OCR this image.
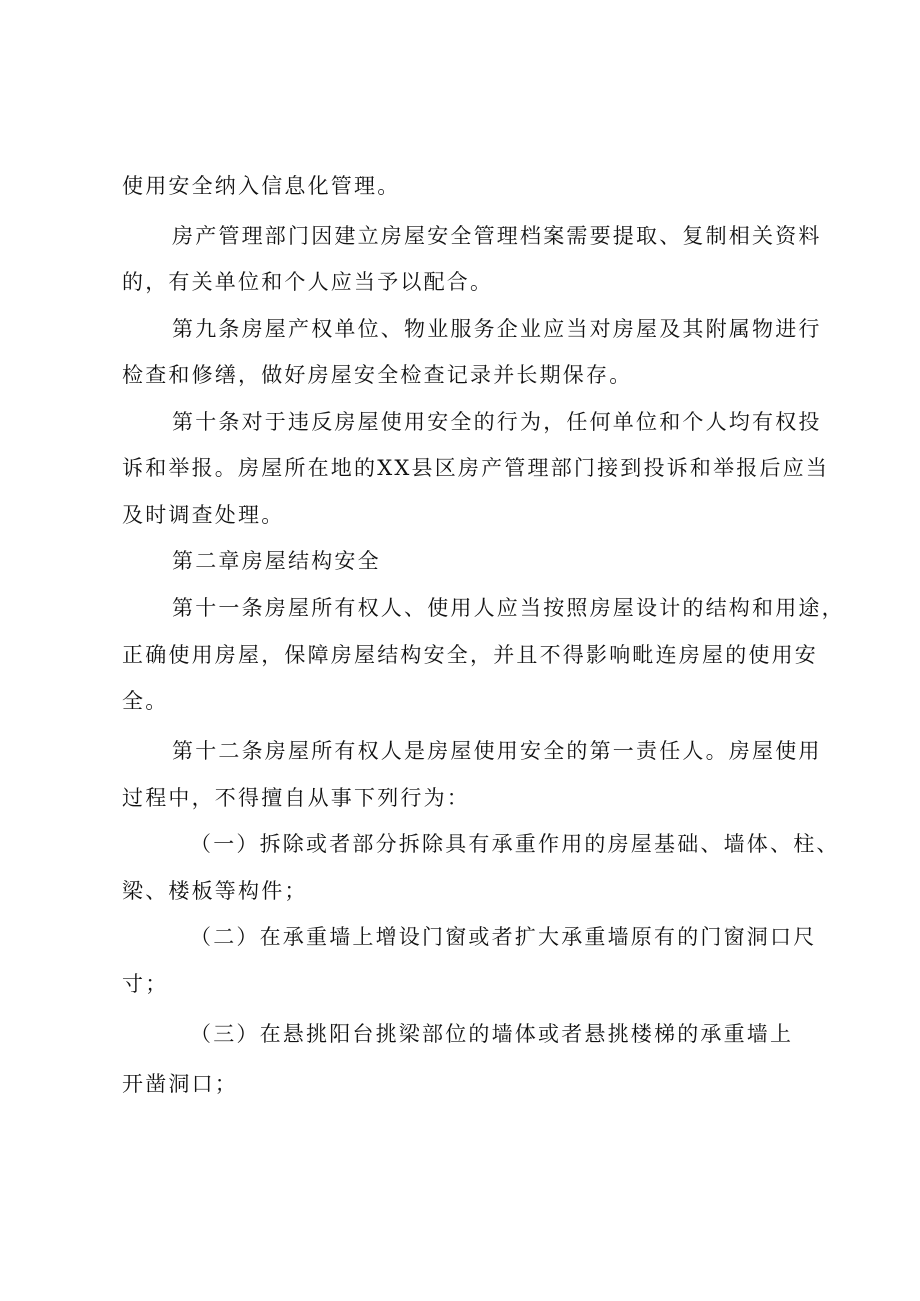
使用安全纳入信息化管理。
房产管理部门因建立房屋安全管理档案需要提取、复制相关资料
的，有关单位和个人应当予以配合。
第九条房屋产权单位、物业服务企业应当对房屋及其附属物进行
检查和修缮，做好房屋安全检查记录并长期保存。
第十条对于违反房屋使用安全的行为，任何单位和个人均有权投
诉和举报。房屋所在地的XX县区房产管理部门接到投诉和举报后应当
及时调查处理。
第二章房屋结构安全
第十一条房屋所有权人、使用人应当按照房屋设计的结构和用途，
正确使用房屋，保障房屋结构安全，并且不得影响毗连房屋的使用安
全。
第十二条房屋所有权人是房屋使用安全的第一责任人。房屋使用
过程中，不得擅自从事下列行为：
（一）拆除或者部分拆除具有承重作用的房屋基础、墙体、柱、
梁、楼板等构件；
（二）在承重墙上增设门窗或者扩大承重墙原有的门窗洞口尺
寸；
（三）在悬挑阳台挑梁部位的墙体或者悬挑楼梯的承重墙上
开凿洞口；
